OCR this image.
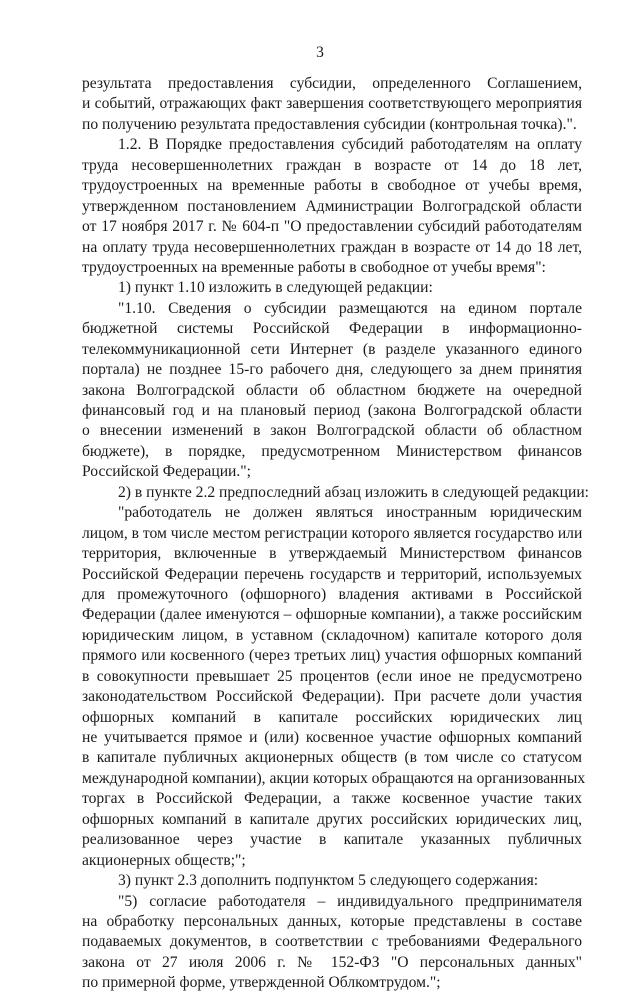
3
результата предоставления субсидии, определенного Соглашением,
и событий, отражающих факт завершения соответствующего мероприятия
по получению результата предоставления субсидии (контрольная точка).".
1.2. В Порядке предоставления субсидий работодателям на оплату
труда несовершеннолетних граждан в возрасте от 14 до 18 лет,
трудоустроенных на временные работы в свободное от учебы время,
утвержденном постановлением Администрации Волгоградской области
от 17 ноября 2017 г. № 604-п "О предоставлении субсидий работодателям
на оплату труда несовершеннолетних граждан в возрасте от 14 до 18 лет,
трудоустроенных на временные работы в свободное от учебы время":
1) пункт 1.10 изложить в следующей редакции:
"1.10. Сведения о субсидии размещаются на едином портале
бюджетной системы Российской Федерации в информационно-
телекоммуникационной сети Интернет (в разделе указанного единого
портала) не позднее 15-го рабочего дня, следующего за днем принятия
закона Волгоградской области об областном бюджете на очередной
финансовый год и на плановый период (закона Волгоградской области
о внесении изменений в закон Волгоградской области об областном
бюджете), в порядке, предусмотренном Министерством финансов
Российской Федерации.";
2) в пункте 2.2 предпоследний абзац изложить в следующей редакции:
"работодатель не должен являться иностранным юридическим
лицом, в том числе местом регистрации которого является государство или
территория, включенные в утверждаемый Министерством финансов
Российской Федерации перечень государств и территорий, используемых
для промежуточного (офшорного) владения активами в Российской
Федерации (далее именуются – офшорные компании), а также российским
юридическим лицом, в уставном (складочном) капитале которого доля
прямого или косвенного (через третьих лиц) участия офшорных компаний
в совокупности превышает 25 процентов (если иное не предусмотрено
законодательством Российской Федерации). При расчете доли участия
офшорных компаний в капитале российских юридических лиц
не учитывается прямое и (или) косвенное участие офшорных компаний
в капитале публичных акционерных обществ (в том числе со статусом
международной компании), акции которых обращаются на организованных
торгах в Российской Федерации, а также косвенное участие таких
офшорных компаний в капитале других российских юридических лиц,
реализованное через участие в капитале указанных публичных
акционерных обществ;";
3) пункт 2.3 дополнить подпунктом 5 следующего содержания:
"5) согласие работодателя – индивидуального предпринимателя
на обработку персональных данных, которые представлены в составе
подаваемых документов, в соответствии с требованиями Федерального
закона от 27 июля 2006 г. № 152-ФЗ "О персональных данных"
по примерной форме, утвержденной Облкомтрудом.";
